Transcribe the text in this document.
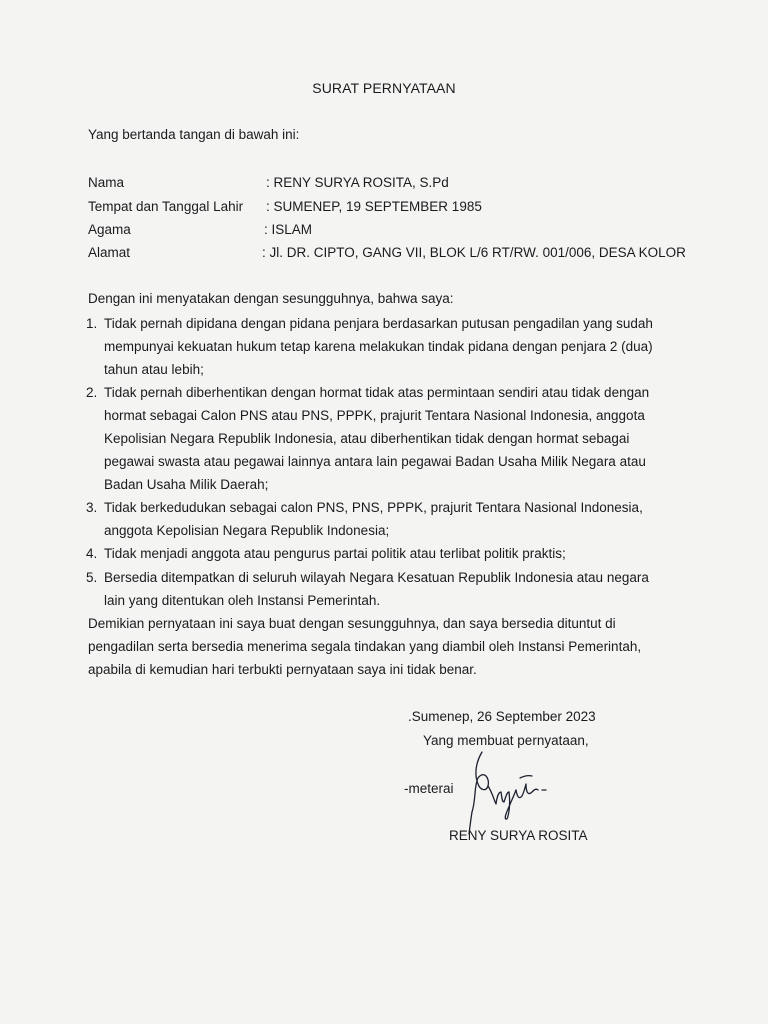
SURAT PERNYATAAN
Yang bertanda tangan di bawah ini:
Nama	: RENY SURYA ROSITA, S.Pd
Tempat dan Tanggal Lahir : SUMENEP, 19 SEPTEMBER 1985
Agama	: ISLAM
Alamat	: Jl. DR. CIPTO, GANG VII, BLOK L/6 RT/RW. 001/006, DESA KOLOR
Dengan ini menyatakan dengan sesungguhnya, bahwa saya:
1. Tidak pernah dipidana dengan pidana penjara berdasarkan putusan pengadilan yang sudah
mempunyai kekuatan hukum tetap karena melakukan tindak pidana dengan penjara 2 (dua)
tahun atau lebih;
2. Tidak pernah diberhentikan dengan hormat tidak atas permintaan sendiri atau tidak dengan
hormat sebagai Calon PNS atau PNS, PPPK, prajurit Tentara Nasional Indonesia, anggota
Kepolisian Negara Republik Indonesia, atau diberhentikan tidak dengan hormat sebagai
pegawai swasta atau pegawai lainnya antara lain pegawai Badan Usaha Milik Negara atau
Badan Usaha Milik Daerah;
3. Tidak berkedudukan sebagai calon PNS, PNS, PPPK, prajurit Tentara Nasional Indonesia,
anggota Kepolisian Negara Republik Indonesia;
4. Tidak menjadi anggota atau pengurus partai politik atau terlibat politik praktis;
5. Bersedia ditempatkan di seluruh wilayah Negara Kesatuan Republik Indonesia atau negara
lain yang ditentukan oleh Instansi Pemerintah.
Demikian pernyataan ini saya buat dengan sesungguhnya, dan saya bersedia dituntut di
pengadilan serta bersedia menerima segala tindakan yang diambil oleh Instansi Pemerintah,
apabila di kemudian hari terbukti pernyataan saya ini tidak benar.
.Sumenep, 26 September 2023
Yang membuat pernyataan,
-meterai
RENY SURYA ROSITA
